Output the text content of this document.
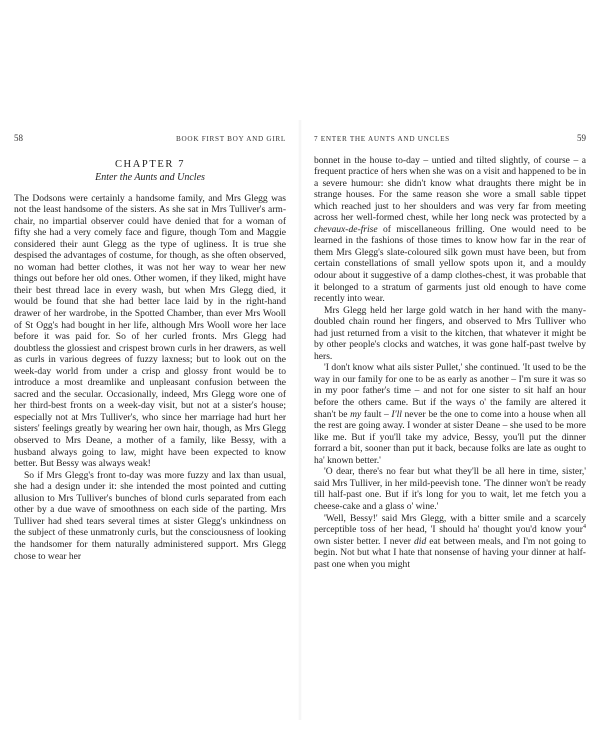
58	BOOK FIRST BOY AND GIRL
CHAPTER 7
Enter the Aunts and Uncles

The Dodsons were certainly a handsome family, and Mrs Glegg was not the least handsome of the sisters. As she sat in Mrs Tulliver's arm-chair, no impartial observer could have denied that for a woman of fifty she had a very comely face and figure, though Tom and Maggie considered their aunt Glegg as the type of ugliness. It is true she despised the advantages of costume, for though, as she often observed, no woman had better clothes, it was not her way to wear her new things out before her old ones. Other women, if they liked, might have their best thread lace in every wash, but when Mrs Glegg died, it would be found that she had better lace laid by in the right-hand drawer of her wardrobe, in the Spotted Chamber, than ever Mrs Wooll of St Ogg's had bought in her life, although Mrs Wooll wore her lace before it was paid for. So of her curled fronts. Mrs Glegg had doubtless the glossiest and crispest brown curls in her drawers, as well as curls in various degrees of fuzzy laxness; but to look out on the week-day world from under a crisp and glossy front would be to introduce a most dreamlike and unpleasant confusion between the sacred and the secular. Occasionally, indeed, Mrs Glegg wore one of her third-best fronts on a week-day visit, but not at a sister's house; especially not at Mrs Tulliver's, who since her marriage had hurt her sisters' feelings greatly by wearing her own hair, though, as Mrs Glegg observed to Mrs Deane, a mother of a family, like Bessy, with a husband always going to law, might have been expected to know better. But Bessy was always weak!

So if Mrs Glegg's front to-day was more fuzzy and lax than usual, she had a design under it: she intended the most pointed and cutting allusion to Mrs Tulliver's bunches of blond curls separated from each other by a due wave of smoothness on each side of the parting. Mrs Tulliver had shed tears several times at sister Glegg's unkindness on the subject of these unmatronly curls, but the consciousness of looking the handsomer for them naturally administered support. Mrs Glegg chose to wear her

7 ENTER THE AUNTS AND UNCLES	59

bonnet in the house to-day – untied and tilted slightly, of course – a frequent practice of hers when she was on a visit and happened to be in a severe humour: she didn't know what draughts there might be in strange houses. For the same reason she wore a small sable tippet which reached just to her shoulders and was very far from meeting across her well-formed chest, while her long neck was protected by a chevaux-de-frise of miscellaneous frilling. One would need to be learned in the fashions of those times to know how far in the rear of them Mrs Glegg's slate-coloured silk gown must have been, but from certain constellations of small yellow spots upon it, and a mouldy odour about it suggestive of a damp clothes-chest, it was probable that it belonged to a stratum of garments just old enough to have come recently into wear.

Mrs Glegg held her large gold watch in her hand with the many-doubled chain round her fingers, and observed to Mrs Tulliver who had just returned from a visit to the kitchen, that whatever it might be by other people's clocks and watches, it was gone half-past twelve by hers.

'I don't know what ails sister Pullet,' she continued. 'It used to be the way in our family for one to be as early as another – I'm sure it was so in my poor father's time – and not for one sister to sit half an hour before the others came. But if the ways o' the family are altered it shan't be my fault – I'll never be the one to come into a house when all the rest are going away. I wonder at sister Deane – she used to be more like me. But if you'll take my advice, Bessy, you'll put the dinner forrard a bit, sooner than put it back, because folks are late as ought to ha' known better.'

'O dear, there's no fear but what they'll be all here in time, sister,' said Mrs Tulliver, in her mild-peevish tone. 'The dinner won't be ready till half-past one. But if it's long for you to wait, let me fetch you a cheese-cake and a glass o' wine.'

'Well, Bessy!' said Mrs Glegg, with a bitter smile and a scarcely perceptible toss of her head, 'I should ha' thought you'd know your$^4$ own sister better. I never did eat between meals, and I'm not going to begin. Not but what I hate that nonsense of having your dinner at half-past one when you might
